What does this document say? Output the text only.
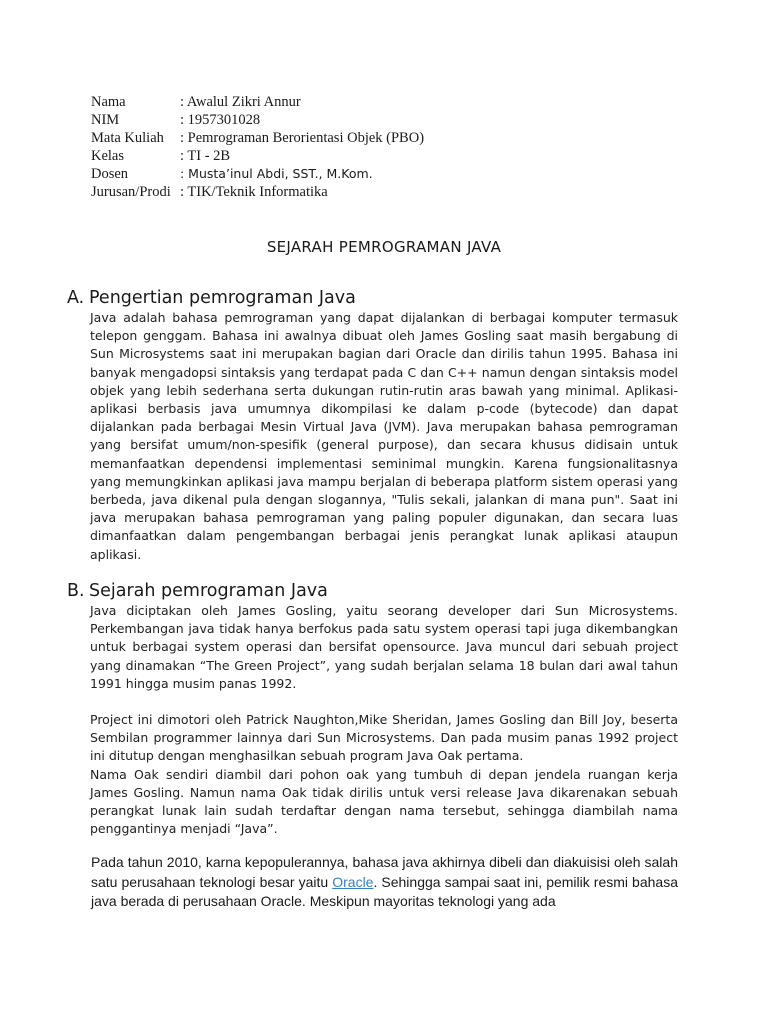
Nama	: Awalul Zikri Annur
NIM	: 1957301028
Mata Kuliah	: Pemrograman Berorientasi Objek (PBO)
Kelas	: TI - 2B
Dosen	: Musta’inul Abdi, SST., M.Kom.
Jurusan/Prodi	: TIK/Teknik Informatika
SEJARAH PEMROGRAMAN JAVA
A. Pengertian pemrograman Java

Java adalah bahasa pemrograman yang dapat dijalankan di berbagai komputer termasuk telepon genggam. Bahasa ini awalnya dibuat oleh James Gosling saat masih bergabung di Sun Microsystems saat ini merupakan bagian dari Oracle dan dirilis tahun 1995. Bahasa ini banyak mengadopsi sintaksis yang terdapat pada C dan C++ namun dengan sintaksis model objek yang lebih sederhana serta dukungan rutin-rutin aras bawah yang minimal. Aplikasi-aplikasi berbasis java umumnya dikompilasi ke dalam p-code (bytecode) dan dapat dijalankan pada berbagai Mesin Virtual Java (JVM). Java merupakan bahasa pemrograman yang bersifat umum/non-spesifik (general purpose), dan secara khusus didisain untuk memanfaatkan dependensi implementasi seminimal mungkin. Karena fungsionalitasnya yang memungkinkan aplikasi java mampu berjalan di beberapa platform sistem operasi yang berbeda, java dikenal pula dengan slogannya, "Tulis sekali, jalankan di mana pun". Saat ini java merupakan bahasa pemrograman yang paling populer digunakan, dan secara luas dimanfaatkan dalam pengembangan berbagai jenis perangkat lunak aplikasi ataupun aplikasi.

B. Sejarah pemrograman Java

Java diciptakan oleh James Gosling, yaitu seorang developer dari Sun Microsystems. Perkembangan java tidak hanya berfokus pada satu system operasi tapi juga dikembangkan untuk berbagai system operasi dan bersifat opensource. Java muncul dari sebuah project yang dinamakan “The Green Project”, yang sudah berjalan selama 18 bulan dari awal tahun 1991 hingga musim panas 1992.

Project ini dimotori oleh Patrick Naughton,Mike Sheridan, James Gosling dan Bill Joy, beserta Sembilan programmer lainnya dari Sun Microsystems. Dan pada musim panas 1992 project ini ditutup dengan menghasilkan sebuah program Java Oak pertama.

Nama Oak sendiri diambil dari pohon oak yang tumbuh di depan jendela ruangan kerja James Gosling. Namun nama Oak tidak dirilis untuk versi release Java dikarenakan sebuah perangkat lunak lain sudah terdaftar dengan nama tersebut, sehingga diambilah nama penggantinya menjadi “Java”.

Pada tahun 2010, karna kepopulerannya, bahasa java akhirnya dibeli dan diakuisisi oleh salah satu perusahaan teknologi besar yaitu Oracle. Sehingga sampai saat ini, pemilik resmi bahasa java berada di perusahaan Oracle. Meskipun mayoritas teknologi yang ada
